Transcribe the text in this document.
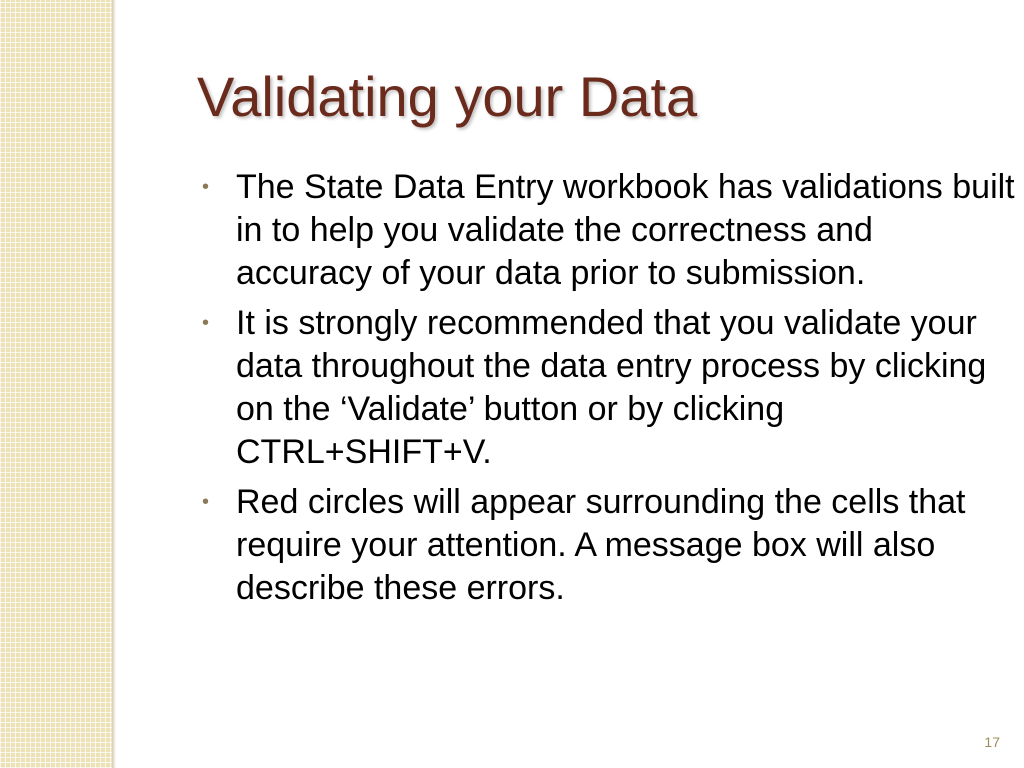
Validating your Data
• The State Data Entry workbook has validations built in to help you validate the correctness and accuracy of your data prior to submission.
• It is strongly recommended that you validate your data throughout the data entry process by clicking on the ‘Validate’ button or by clicking CTRL+SHIFT+V.
• Red circles will appear surrounding the cells that require your attention. A message box will also describe these errors.
17
